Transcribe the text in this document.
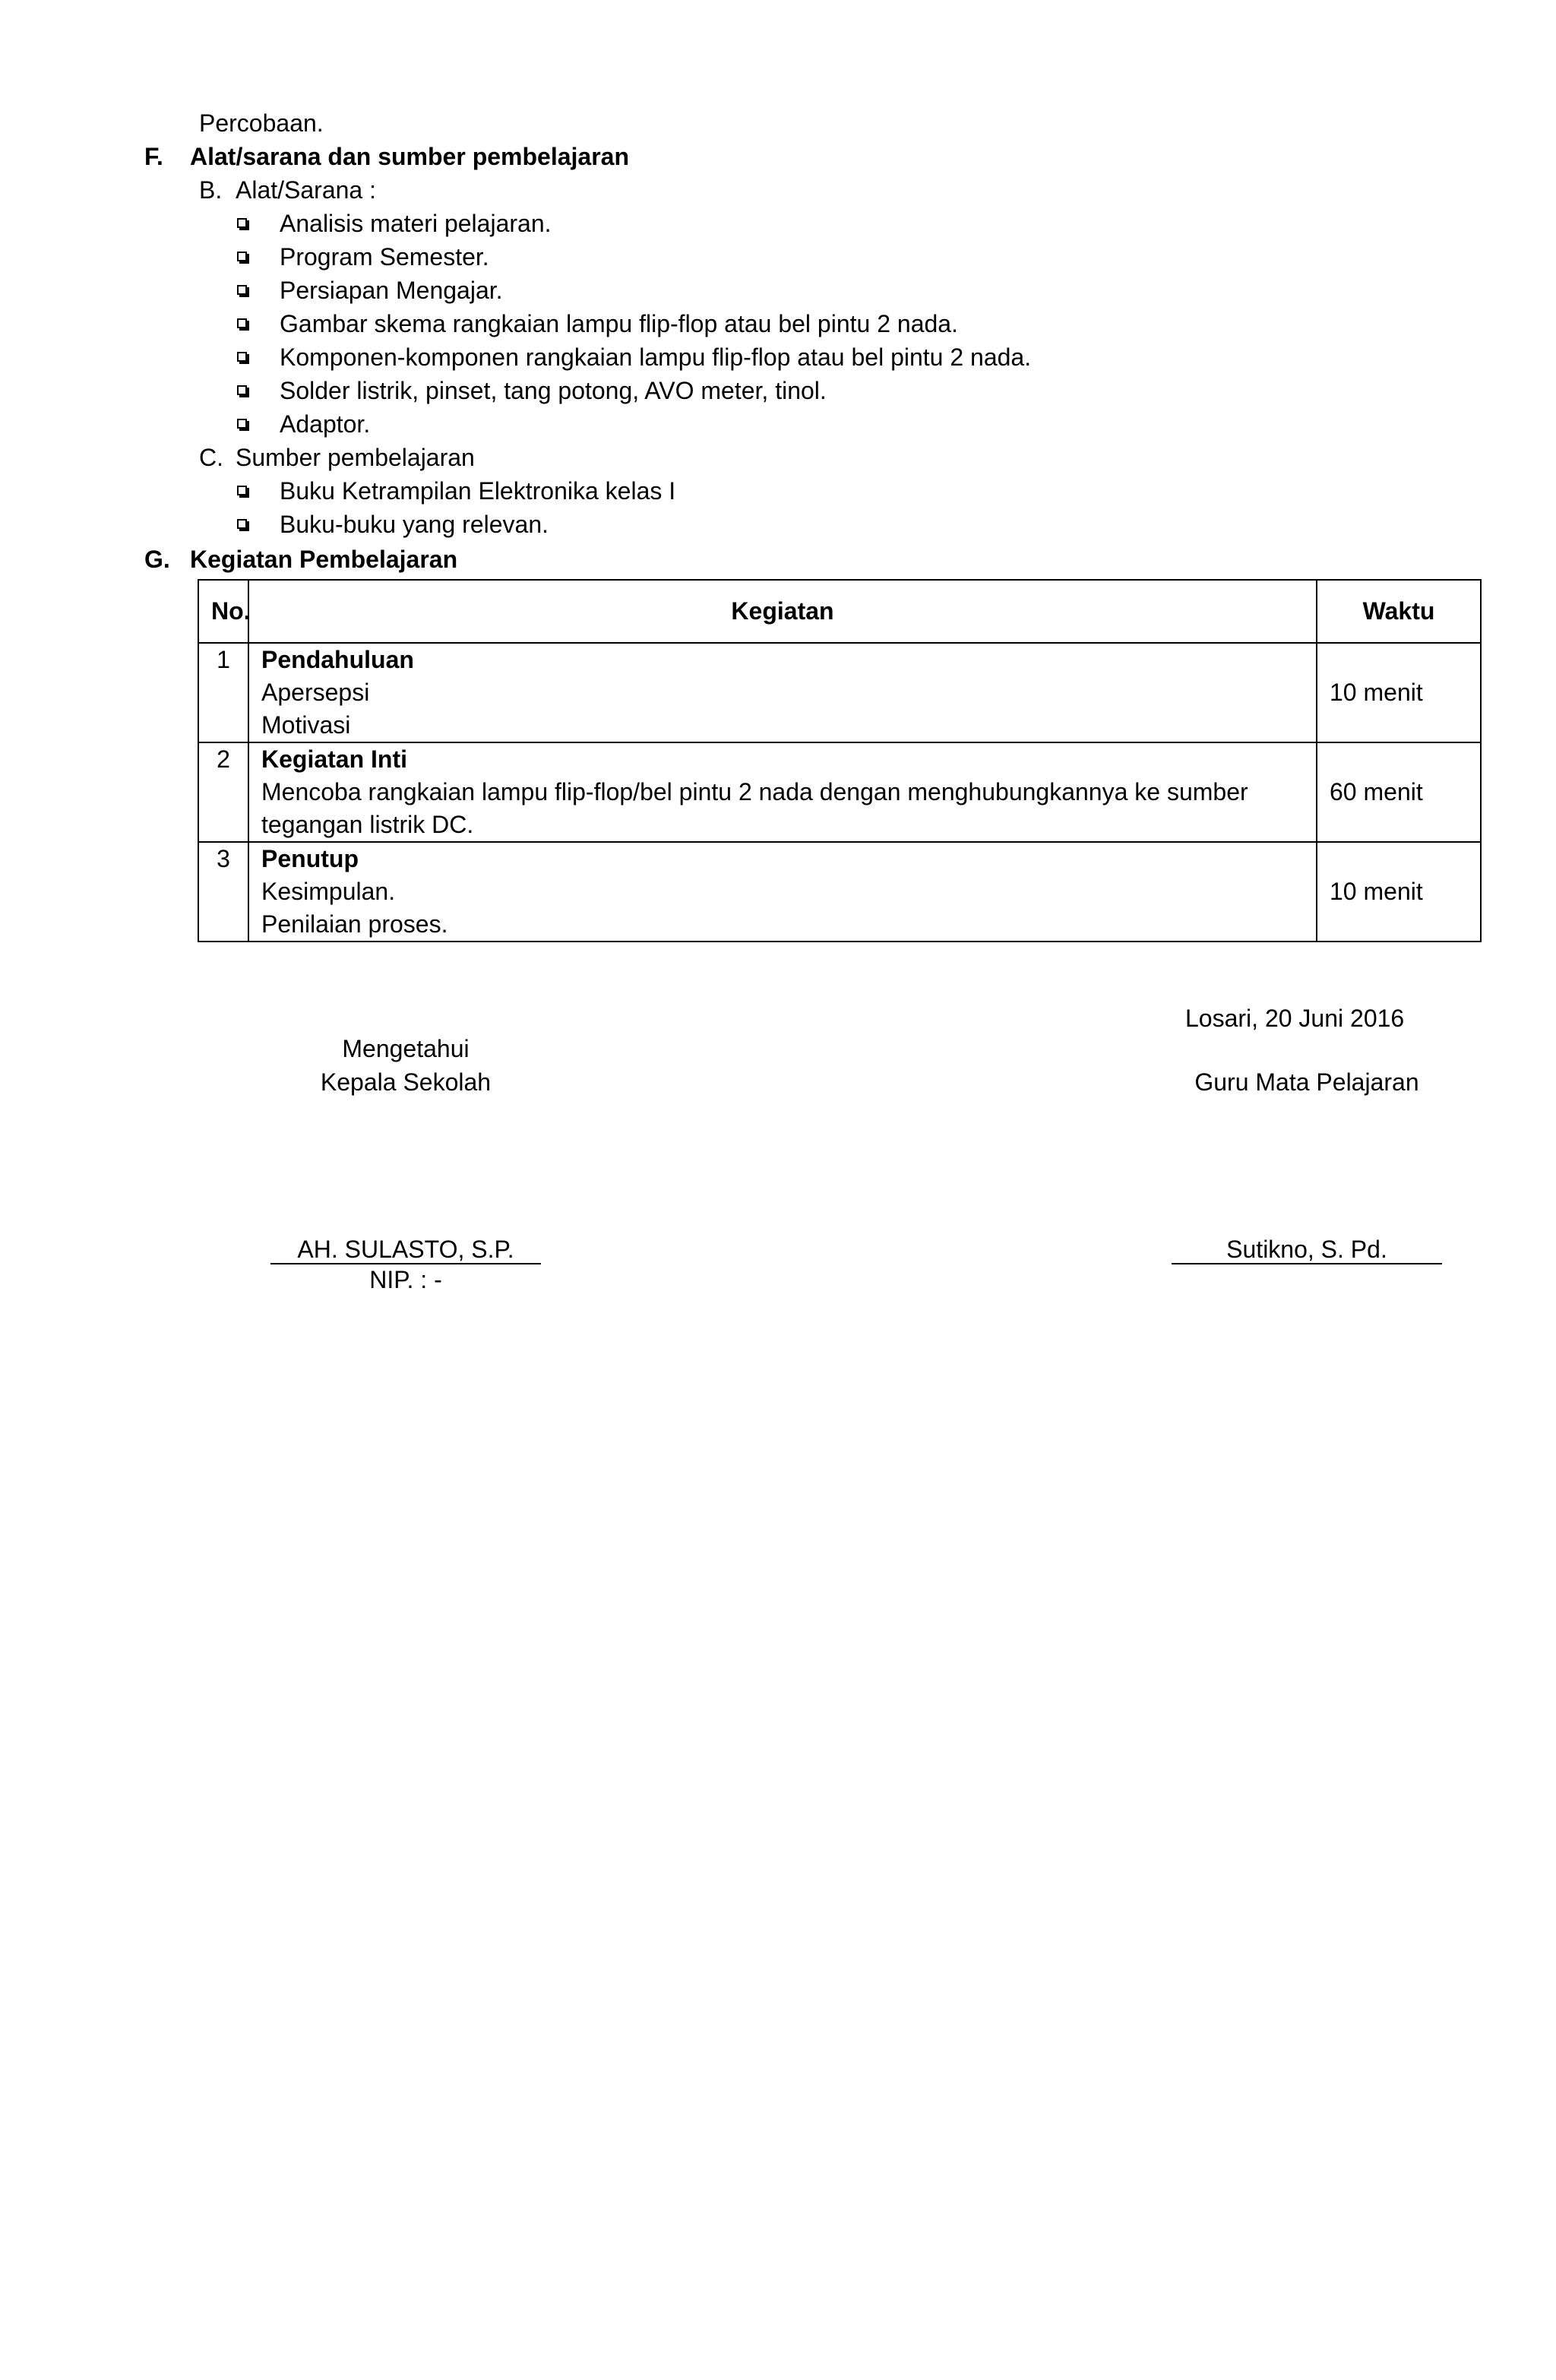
Percobaan.
F. Alat/sarana dan sumber pembelajaran
B. Alat/Sarana :
Analisis materi pelajaran.
Program Semester.
Persiapan Mengajar.
Gambar skema rangkaian lampu flip-flop atau bel pintu 2 nada.
Komponen-komponen rangkaian lampu flip-flop atau bel pintu 2 nada.
Solder listrik, pinset, tang potong, AVO meter, tinol.
Adaptor.
C. Sumber pembelajaran
Buku Ketrampilan Elektronika kelas I
Buku-buku yang relevan.
G. Kegiatan Pembelajaran
No.	Kegiatan	Waktu
1	Pendahuluan
Apersepsi
Motivasi	10 menit
2	Kegiatan Inti
Mencoba rangkaian lampu flip-flop/bel pintu 2 nada dengan menghubungkannya ke sumber
tegangan listrik DC.	60 menit
3	Penutup
Kesimpulan.
Penilaian proses.	10 menit
Losari, 20 Juni 2016
Mengetahui
Kepala Sekolah	Guru Mata Pelajaran
AH. SULASTO, S.P.
NIP. : -
Sutikno, S. Pd.
